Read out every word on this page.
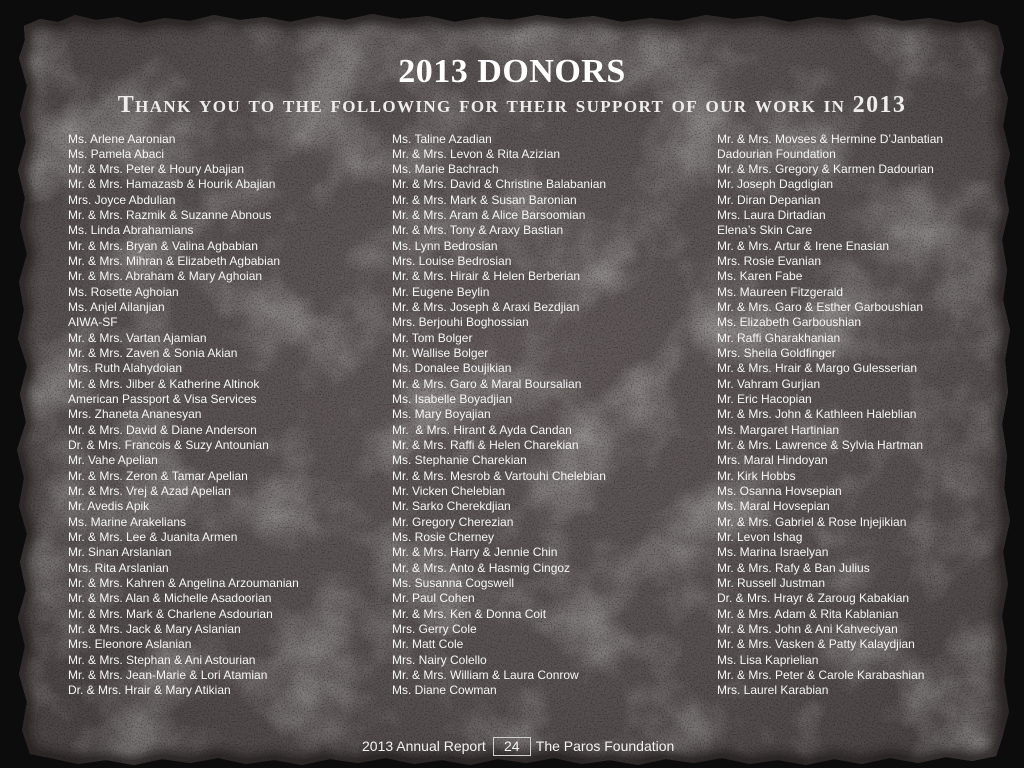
2013 DONORS
Thank you to the following for their support of our work in 2013
Ms. Arlene Aaronian
Ms. Pamela Abaci
Mr. & Mrs. Peter & Houry Abajian
Mr. & Mrs. Hamazasb & Hourik Abajian
Mrs. Joyce Abdulian
Mr. & Mrs. Razmik & Suzanne Abnous
Ms. Linda Abrahamians
Mr. & Mrs. Bryan & Valina Agbabian
Mr. & Mrs. Mihran & Elizabeth Agbabian
Mr. & Mrs. Abraham & Mary Aghoian
Ms. Rosette Aghoian
Ms. Anjel Ailanjian
AIWA-SF
Mr. & Mrs. Vartan Ajamian
Mr. & Mrs. Zaven & Sonia Akian
Mrs. Ruth Alahydoian
Mr. & Mrs. Jilber & Katherine Altinok
American Passport & Visa Services
Mrs. Zhaneta Ananesyan
Mr. & Mrs. David & Diane Anderson
Dr. & Mrs. Francois & Suzy Antounian
Mr. Vahe Apelian
Mr. & Mrs. Zeron & Tamar Apelian
Mr. & Mrs. Vrej & Azad Apelian
Mr. Avedis Apik
Ms. Marine Arakelians
Mr. & Mrs. Lee & Juanita Armen
Mr. Sinan Arslanian
Mrs. Rita Arslanian
Mr. & Mrs. Kahren & Angelina Arzoumanian
Mr. & Mrs. Alan & Michelle Asadoorian
Mr. & Mrs. Mark & Charlene Asdourian
Mr. & Mrs. Jack & Mary Aslanian
Mrs. Eleonore Aslanian
Mr. & Mrs. Stephan & Ani Astourian
Mr. & Mrs. Jean-Marie & Lori Atamian
Dr. & Mrs. Hrair & Mary Atikian
Ms. Taline Azadian
Mr. & Mrs. Levon & Rita Azizian
Ms. Marie Bachrach
Mr. & Mrs. David & Christine Balabanian
Mr. & Mrs. Mark & Susan Baronian
Mr. & Mrs. Aram & Alice Barsoomian
Mr. & Mrs. Tony & Araxy Bastian
Ms. Lynn Bedrosian
Mrs. Louise Bedrosian
Mr. & Mrs. Hirair & Helen Berberian
Mr. Eugene Beylin
Mr. & Mrs. Joseph & Araxi Bezdjian
Mrs. Berjouhi Boghossian
Mr. Tom Bolger
Mr. Wallise Bolger
Ms. Donalee Boujikian
Mr. & Mrs. Garo & Maral Boursalian
Ms. Isabelle Boyadjian
Ms. Mary Boyajian
Mr.  & Mrs. Hirant & Ayda Candan
Mr. & Mrs. Raffi & Helen Charekian
Ms. Stephanie Charekian
Mr. & Mrs. Mesrob & Vartouhi Chelebian
Mr. Vicken Chelebian
Mr. Sarko Cherekdjian
Mr. Gregory Cherezian
Ms. Rosie Cherney
Mr. & Mrs. Harry & Jennie Chin
Mr. & Mrs. Anto & Hasmig Cingoz
Ms. Susanna Cogswell
Mr. Paul Cohen
Mr. & Mrs. Ken & Donna Coit
Mrs. Gerry Cole
Mr. Matt Cole
Mrs. Nairy Colello
Mr. & Mrs. William & Laura Conrow
Ms. Diane Cowman
Mr. & Mrs. Movses & Hermine D’Janbatian
Dadourian Foundation
Mr. & Mrs. Gregory & Karmen Dadourian
Mr. Joseph Dagdigian
Mr. Diran Depanian
Mrs. Laura Dirtadian
Elena’s Skin Care
Mr. & Mrs. Artur & Irene Enasian
Mrs. Rosie Evanian
Ms. Karen Fabe
Ms. Maureen Fitzgerald
Mr. & Mrs. Garo & Esther Garboushian
Ms. Elizabeth Garboushian
Mr. Raffi Gharakhanian
Mrs. Sheila Goldfinger
Mr. & Mrs. Hrair & Margo Gulesserian
Mr. Vahram Gurjian
Mr. Eric Hacopian
Mr. & Mrs. John & Kathleen Haleblian
Ms. Margaret Hartinian
Mr. & Mrs. Lawrence & Sylvia Hartman
Mrs. Maral Hindoyan
Mr. Kirk Hobbs
Ms. Osanna Hovsepian
Ms. Maral Hovsepian
Mr. & Mrs. Gabriel & Rose Injejikian
Mr. Levon Ishag
Ms. Marina Israelyan
Mr. & Mrs. Rafy & Ban Julius
Mr. Russell Justman
Dr. & Mrs. Hrayr & Zaroug Kabakian
Mr. & Mrs. Adam & Rita Kablanian
Mr. & Mrs. John & Ani Kahveciyan
Mr. & Mrs. Vasken & Patty Kalaydjian
Ms. Lisa Kaprielian
Mr. & Mrs. Peter & Carole Karabashian
Mrs. Laurel Karabian
2013 Annual Report	24	The Paros Foundation
